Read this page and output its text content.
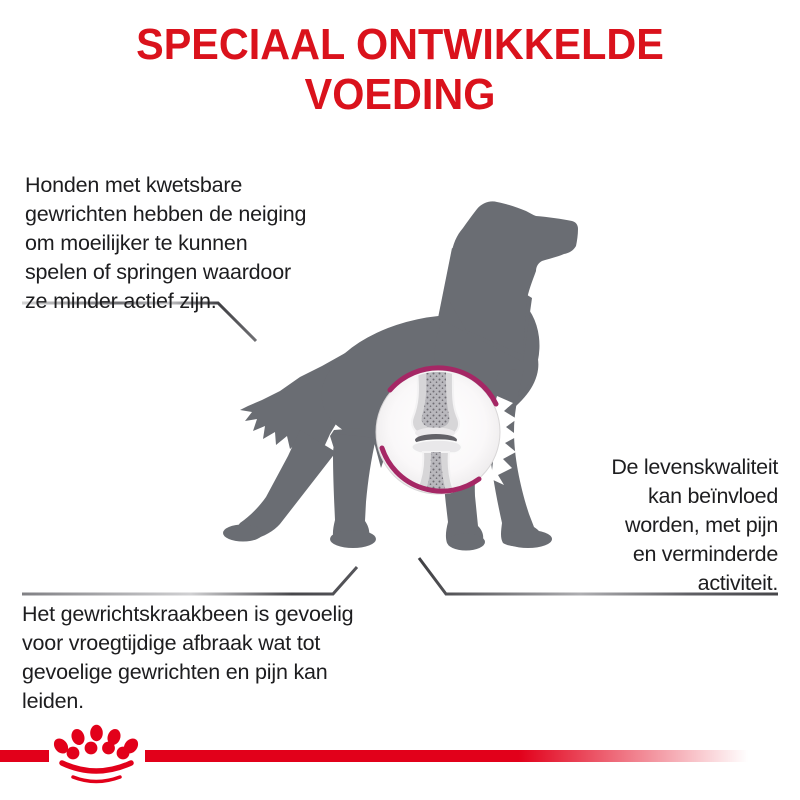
SPECIAAL ONTWIKKELDE
VOEDING
Honden met kwetsbare
gewrichten hebben de neiging
om moeilijker te kunnen
spelen of springen waardoor
ze minder actief zijn.
De levenskwaliteit
kan beïnvloed
worden, met pijn
en verminderde
activiteit.
Het gewrichtskraakbeen is gevoelig
voor vroegtijdige afbraak wat tot
gevoelige gewrichten en pijn kan
leiden.
